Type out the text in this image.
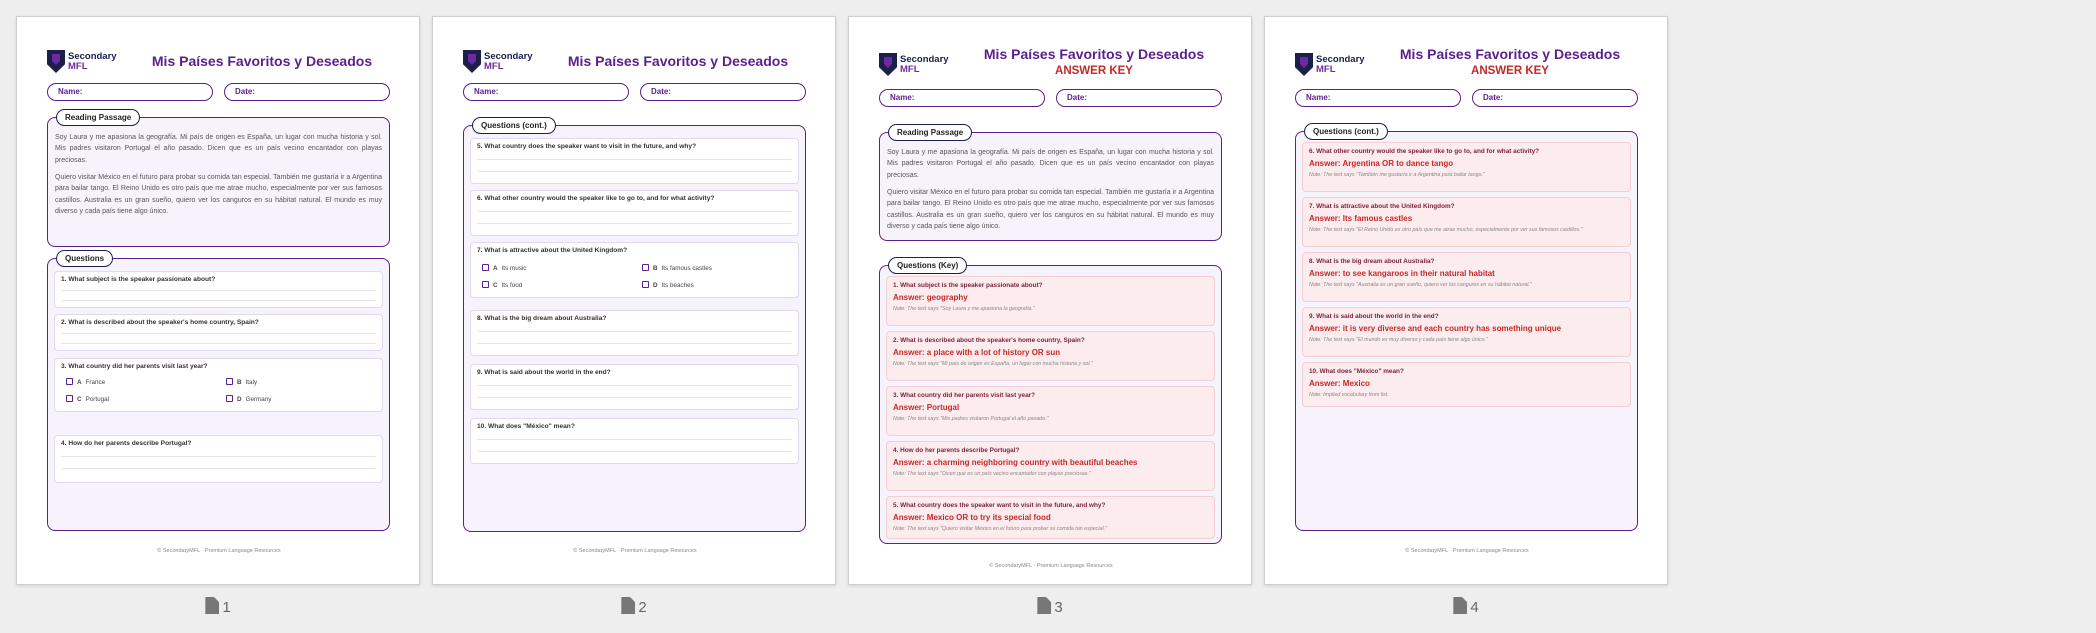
Secondary
MFL	Mis Países Favoritos y Deseados
Name:	Date:
Reading Passage

Soy Laura y me apasiona la geografía. Mi país de origen es España, un lugar con mucha historia y sol. Mis padres visitaron Portugal el año pasado. Dicen que es un país vecino encantador con playas preciosas.

Quiero visitar México en el futuro para probar su comida tan especial. También me gustaría ir a Argentina para bailar tango. El Reino Unido es otro país que me atrae mucho, especialmente por ver sus famosos castillos. Australia es un gran sueño, quiero ver los canguros en su hábitat natural. El mundo es muy diverso y cada país tiene algo único.

Questions
1. What subject is the speaker passionate about?
2. What is described about the speaker's home country, Spain?
3. What country did her parents visit last year?
A France	B Italy
C Portugal	D Germany
4. How do her parents describe Portugal?
© SecondaryMFL · Premium Language Resources
1
Secondary
MFL	Mis Países Favoritos y Deseados
Name:	Date:
Questions (cont.)
5. What country does the speaker want to visit in the future, and why?
6. What other country would the speaker like to go to, and for what activity?
7. What is attractive about the United Kingdom?
A Its music	B Its famous castles
C Its food	D Its beaches
8. What is the big dream about Australia?
9. What is said about the world in the end?
10. What does "México" mean?
© SecondaryMFL · Premium Language Resources
2
Secondary
MFL
Mis Países Favoritos y Deseados
ANSWER KEY
Name:	Date:
Reading Passage

Soy Laura y me apasiona la geografía. Mi país de origen es España, un lugar con mucha historia y sol. Mis padres visitaron Portugal el año pasado. Dicen que es un país vecino encantador con playas preciosas.

Quiero visitar México en el futuro para probar su comida tan especial. También me gustaría ir a Argentina para bailar tango. El Reino Unido es otro país que me atrae mucho, especialmente por ver sus famosos castillos. Australia es un gran sueño, quiero ver los canguros en su hábitat natural. El mundo es muy diverso y cada país tiene algo único.

Questions (Key)
1. What subject is the speaker passionate about?
Answer: geography
Note: The text says "Soy Laura y me apasiona la geografía."
2. What is described about the speaker's home country, Spain?
Answer: a place with a lot of history OR sun
Note: The text says "Mi país de origen es España, un lugar con mucha historia y sol."
3. What country did her parents visit last year?
Answer: Portugal
Note: The text says "Mis padres visitaron Portugal el año pasado."
4. How do her parents describe Portugal?
Answer: a charming neighboring country with beautiful beaches
Note: The text says "Dicen que es un país vecino encantador con playas preciosas."
5. What country does the speaker want to visit in the future, and why?
Answer: Mexico OR to try its special food
Note: The text says "Quiero visitar México en el futuro para probar su comida tan especial."
© SecondaryMFL · Premium Language Resources
3
Secondary
MFL
Mis Países Favoritos y Deseados
ANSWER KEY
Name:	Date:
Questions (cont.)
6. What other country would the speaker like to go to, and for what activity?
Answer: Argentina OR to dance tango
Note: The text says "También me gustaría ir a Argentina para bailar tango."
7. What is attractive about the United Kingdom?
Answer: Its famous castles
Note: The text says "El Reino Unido es otro país que me atrae mucho, especialmente por ver sus famosos castillos."
8. What is the big dream about Australia?
Answer: to see kangaroos in their natural habitat
Note: The text says "Australia es un gran sueño, quiero ver los canguros en su hábitat natural."
9. What is said about the world in the end?
Answer: it is very diverse and each country has something unique
Note: The text says "El mundo es muy diverso y cada país tiene algo único."
10. What does "México" mean?
Answer: Mexico
Note: Implied vocabulary from list.
© SecondaryMFL · Premium Language Resources
4
